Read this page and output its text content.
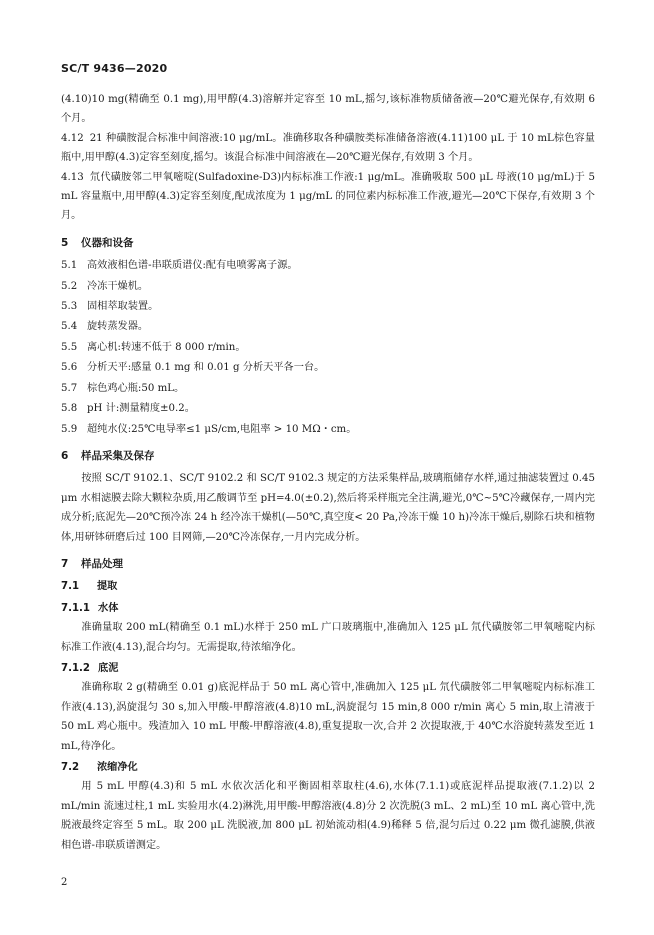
SC/T 9436—2020

(4.10)10 mg(精确至 0.1 mg),用甲醇(4.3)溶解并定容至 10 mL,摇匀,该标准物质储备液—20℃避光保存,有效期 6 个月。

4.12 21 种磺胺混合标准中间溶液:10 μg/mL。准确移取各种磺胺类标准储备溶液(4.11)100 μL 于 10 mL棕色容量瓶中,用甲醇(4.3)定容至刻度,摇匀。该混合标准中间溶液在—20℃避光保存,有效期 3 个月。

4.13 氘代磺胺邻二甲氧嘧啶(Sulfadoxine-D3)内标标准工作液:1 μg/mL。准确吸取 500 μL 母液(10 μg/mL)于 5 mL 容量瓶中,用甲醇(4.3)定容至刻度,配成浓度为 1 μg/mL 的同位素内标标准工作液,避光—20℃下保存,有效期 3 个月。

5 仪器和设备

5.1 高效液相色谱-串联质谱仪:配有电喷雾离子源。

5.2 冷冻干燥机。

5.3 固相萃取装置。

5.4 旋转蒸发器。

5.5 离心机:转速不低于 8 000 r/min。

5.6 分析天平:感量 0.1 mg 和 0.01 g 分析天平各一台。

5.7 棕色鸡心瓶:50 mL。

5.8 pH 计:测量精度±0.2。

5.9 超纯水仪:25℃电导率≤1 μS/cm,电阻率 > 10 MΩ・cm。

6 样品采集及保存

按照 SC/T 9102.1、SC/T 9102.2 和 SC/T 9102.3 规定的方法采集样品,玻璃瓶储存水样,通过抽滤装置过 0.45 μm 水相滤膜去除大颗粒杂质,用乙酸调节至 pH=4.0(±0.2),然后将采样瓶完全注满,避光,0℃~5℃冷藏保存,一周内完成分析;底泥先—20℃预冷冻 24 h 经冷冻干燥机(—50℃,真空度< 20 Pa,冷冻干燥 10 h)冷冻干燥后,剔除石块和植物体,用研钵研磨后过 100 目网筛,—20℃冷冻保存,一月内完成分析。

7 样品处理
7.1 提取
7.1.1 水体

准确量取 200 mL(精确至 0.1 mL)水样于 250 mL 广口玻璃瓶中,准确加入 125 μL 氘代磺胺邻二甲氧嘧啶内标标准工作液(4.13),混合均匀。无需提取,待浓缩净化。

7.1.2 底泥

准确称取 2 g(精确至 0.01 g)底泥样品于 50 mL 离心管中,准确加入 125 μL 氘代磺胺邻二甲氧嘧啶内标标准工作液(4.13),涡旋混匀 30 s,加入甲酸-甲醇溶液(4.8)10 mL,涡旋混匀 15 min,8 000 r/min 离心 5 min,取上清液于 50 mL 鸡心瓶中。残渣加入 10 mL 甲酸-甲醇溶液(4.8),重复提取一次,合并 2 次提取液,于 40℃水浴旋转蒸发至近 1 mL,待净化。

7.2 浓缩净化

用 5 mL 甲醇(4.3)和 5 mL 水依次活化和平衡固相萃取柱(4.6),水体(7.1.1)或底泥样品提取液(7.1.2)以 2 mL/min 流速过柱,1 mL 实验用水(4.2)淋洗,用甲酸-甲醇溶液(4.8)分 2 次洗脱(3 mL、2 mL)至 10 mL 离心管中,洗脱液最终定容至 5 mL。取 200 μL 洗脱液,加 800 μL 初始流动相(4.9)稀释 5 倍,混匀后过 0.22 μm 微孔滤膜,供液相色谱-串联质谱测定。

2
